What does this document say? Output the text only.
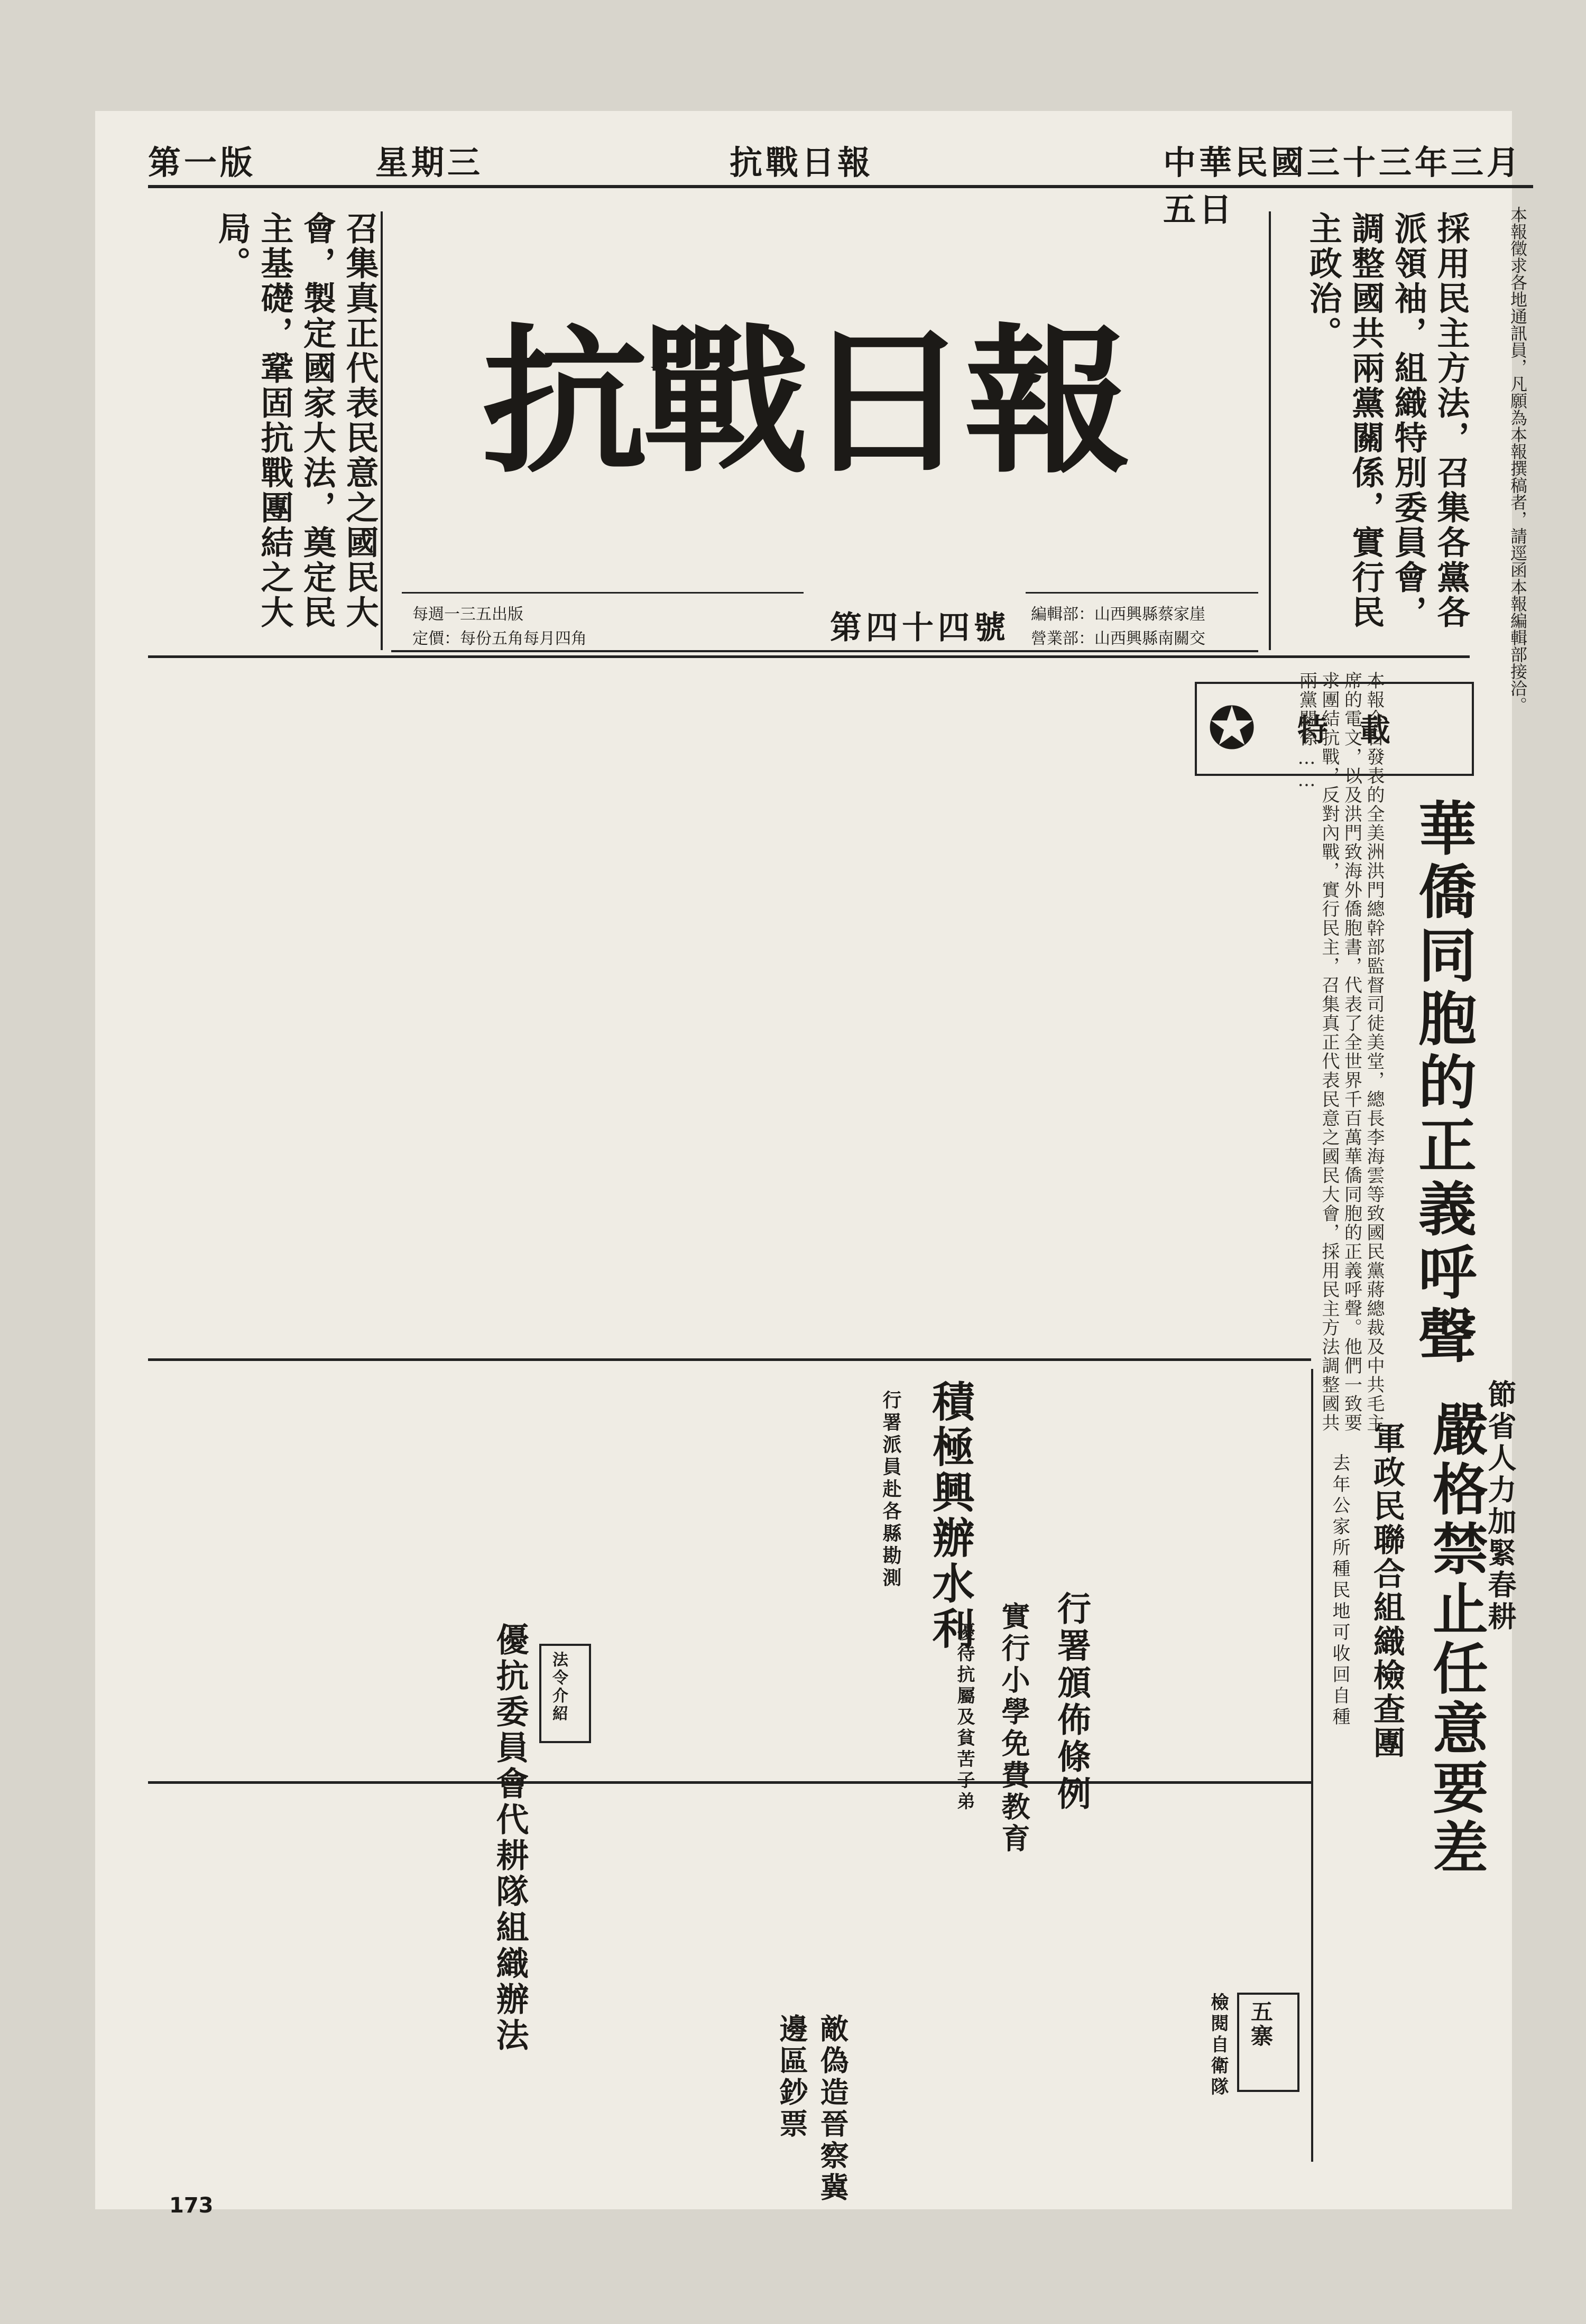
第一版	星期三	抗戰日報	中華民國三十三年三月五日
召集真正代表民意之國民大會，製定國家大法，奠定民主基礎，鞏固抗戰團結之大局。
抗戰日報
每週一三五出版
定價：每份五角每月四角	第四十四號 編輯部：山西興縣蔡家崖
營業部：山西興縣南關交
採用民主方法，召集各黨各派領袖，組織特別委員會，調整國共兩黨關係，實行民主政治。	本報徵求各地通訊員，凡願為本報撰稿者，請逕函本報編輯部接洽。
✪ 特載
華僑同胞的正義呼聲
本報今日發表的全美洲洪門總幹部監督司徒美堂，總長李海雲等致國民黨蔣總裁及中共毛主席的電文，以及洪門致海外僑胞書，代表了全世界千百萬華僑同胞的正義呼聲。他們一致要求團結抗戰，反對內戰，實行民主，召集真正代表民意之國民大會，採用民主方法調整國共兩黨關係……
節省人力加緊春耕
嚴格禁止任意要差
軍政民聯合組織檢查團
去年公家所種民地可收回自種
積極興辦水利
行署派員赴各縣勘測
行署頒佈條例
實行小學免費教育
優待抗屬及貧苦子弟
法令介紹
優抗委員會代耕隊組織辦法
敵偽造晉察冀邊區鈔票	五寨
檢閱自衛隊
173
